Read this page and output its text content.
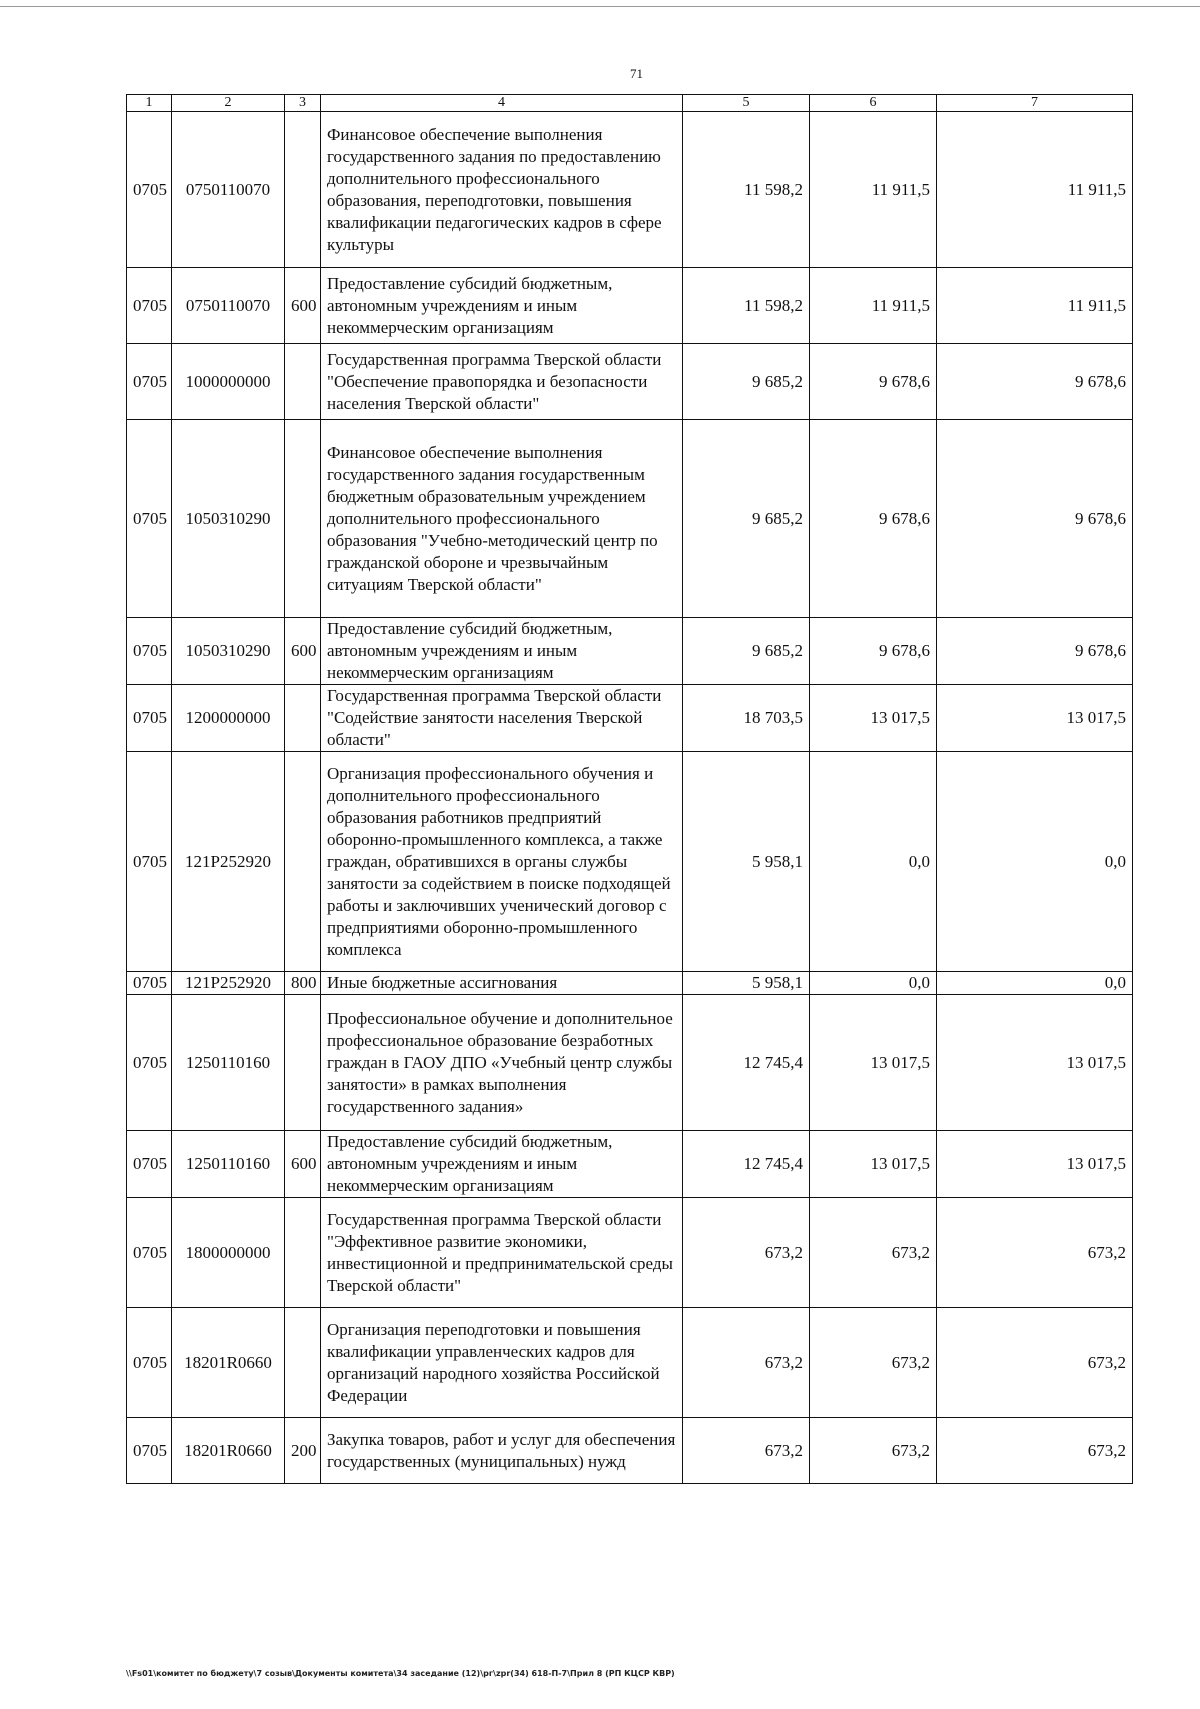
71
1	2	3	4	5	6	7
0705	0750110070		Финансовое обеспечение выполнения государственного задания по предоставлению дополнительного профессионального образования, переподготовки, повышения квалификации педагогических кадров в сфере культуры	11 598,2	11 911,5	11 911,5
0705	0750110070	600	Предоставление субсидий бюджетным, автономным учреждениям и иным некоммерческим организациям	11 598,2	11 911,5	11 911,5
0705	1000000000		Государственная программа Тверской области "Обеспечение правопорядка и безопасности населения Тверской области"	9 685,2	9 678,6	9 678,6
0705	1050310290		Финансовое обеспечение выполнения государственного задания государственным бюджетным образовательным учреждением дополнительного профессионального образования "Учебно-методический центр по гражданской обороне и чрезвычайным ситуациям Тверской области"	9 685,2	9 678,6	9 678,6
0705	1050310290	600	Предоставление субсидий бюджетным, автономным учреждениям и иным некоммерческим организациям	9 685,2	9 678,6	9 678,6
0705	1200000000		Государственная программа Тверской области "Содействие занятости населения Тверской области"	18 703,5	13 017,5	13 017,5
0705	121P252920		Организация профессионального обучения и дополнительного профессионального образования работников предприятий оборонно-промышленного комплекса, а также граждан, обратившихся в органы службы занятости за содействием в поиске подходящей работы и заключивших ученический договор с предприятиями оборонно-промышленного комплекса	5 958,1	0,0	0,0
0705	121P252920	800	Иные бюджетные ассигнования	5 958,1	0,0	0,0
0705	1250110160		Профессиональное обучение и дополнительное профессиональное образование безработных граждан в ГАОУ ДПО «Учебный центр службы занятости» в рамках выполнения государственного задания»	12 745,4	13 017,5	13 017,5
0705	1250110160	600	Предоставление субсидий бюджетным, автономным учреждениям и иным некоммерческим организациям	12 745,4	13 017,5	13 017,5
0705	1800000000		Государственная программа Тверской области "Эффективное развитие экономики, инвестиционной и предпринимательской среды Тверской области"	673,2	673,2	673,2
0705	18201R0660		Организация переподготовки и повышения квалификации управленческих кадров для организаций народного хозяйства Российской Федерации	673,2	673,2	673,2
0705	18201R0660	200	Закупка товаров, работ и услуг для обеспечения государственных (муниципальных) нужд	673,2	673,2	673,2
\\Fs01\комитет по бюджету\7 созыв\Документы комитета\34 заседание (12)\рг\zpr(34) 618-П-7\Прил 8 (РП КЦСР КВР)
